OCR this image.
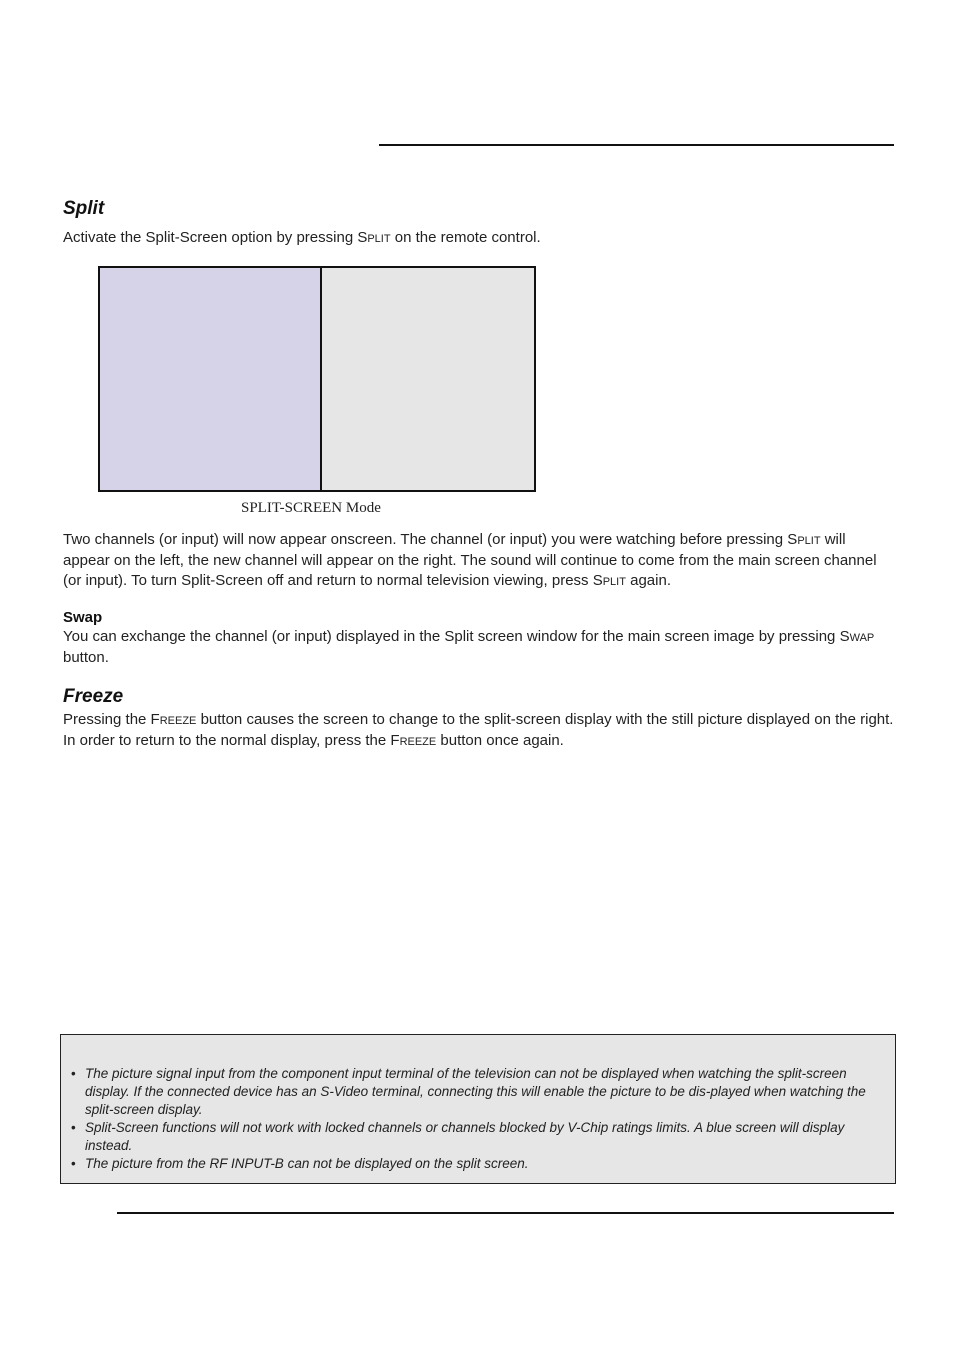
Split

Activate the Split-Screen option by pressing SPLIT on the remote control.

SPLIT-SCREEN Mode

Two channels (or input) will now appear onscreen. The channel (or input) you were watching before pressing SPLIT will appear on the left, the new channel will appear on the right. The sound will continue to come from the main screen channel (or input). To turn Split-Screen off and return to normal television viewing, press SPLIT again.

Swap

You can exchange the channel (or input) displayed in the Split screen window for the main screen image by pressing SWAP button.

Freeze

Pressing the FREEZE button causes the screen to change to the split-screen display with the still picture displayed on the right. In order to return to the normal display, press the FREEZE button once again.

• The picture signal input from the component input terminal of the television can not be displayed when watching the split-screen display. If the connected device has an S-Video terminal, connecting this will enable the picture to be dis-played when watching the split-screen display.
• Split-Screen functions will not work with locked channels or channels blocked by V-Chip ratings limits. A blue screen will display instead.
• The picture from the RF INPUT-B can not be displayed on the split screen.
